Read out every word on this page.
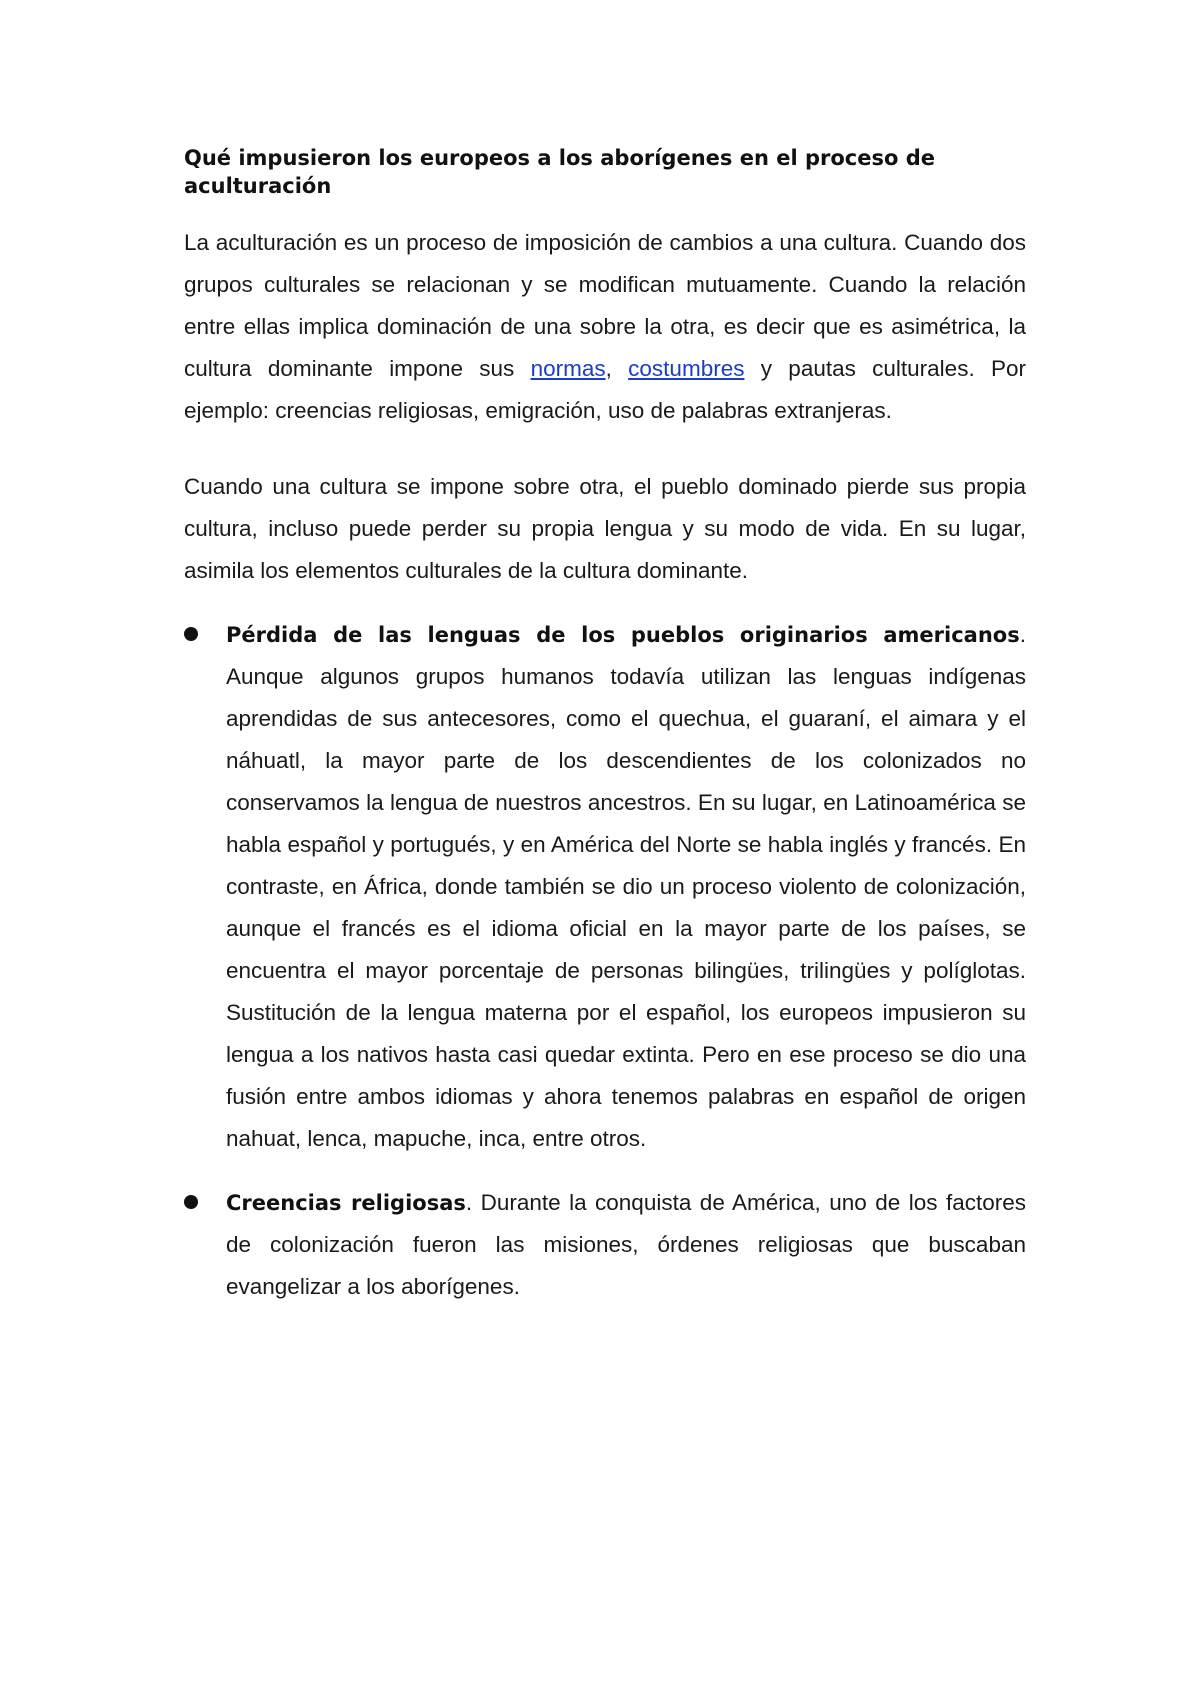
Qué impusieron los europeos a los aborígenes en el proceso de aculturación

La aculturación es un proceso de imposición de cambios a una cultura. Cuando dos grupos culturales se relacionan y se modifican mutuamente. Cuando la relación entre ellas implica dominación de una sobre la otra, es decir que es asimétrica, la cultura dominante impone sus normas, costumbres y pautas culturales. Por ejemplo: creencias religiosas, emigración, uso de palabras extranjeras.

Cuando una cultura se impone sobre otra, el pueblo dominado pierde sus propia cultura, incluso puede perder su propia lengua y su modo de vida. En su lugar, asimila los elementos culturales de la cultura dominante.

Pérdida de las lenguas de los pueblos originarios americanos. Aunque algunos grupos humanos todavía utilizan las lenguas indígenas aprendidas de sus antecesores, como el quechua, el guaraní, el aimara y el náhuatl, la mayor parte de los descendientes de los colonizados no conservamos la lengua de nuestros ancestros. En su lugar, en Latinoamérica se habla español y portugués, y en América del Norte se habla inglés y francés. En contraste, en África, donde también se dio un proceso violento de colonización, aunque el francés es el idioma oficial en la mayor parte de los países, se encuentra el mayor porcentaje de personas bilingües, trilingües y políglotas. Sustitución de la lengua materna por el español, los europeos impusieron su lengua a los nativos hasta casi quedar extinta. Pero en ese proceso se dio una fusión entre ambos idiomas y ahora tenemos palabras en español de origen nahuat, lenca, mapuche, inca, entre otros.
Creencias religiosas. Durante la conquista de América, uno de los factores de colonización fueron las misiones, órdenes religiosas que buscaban evangelizar a los aborígenes.
